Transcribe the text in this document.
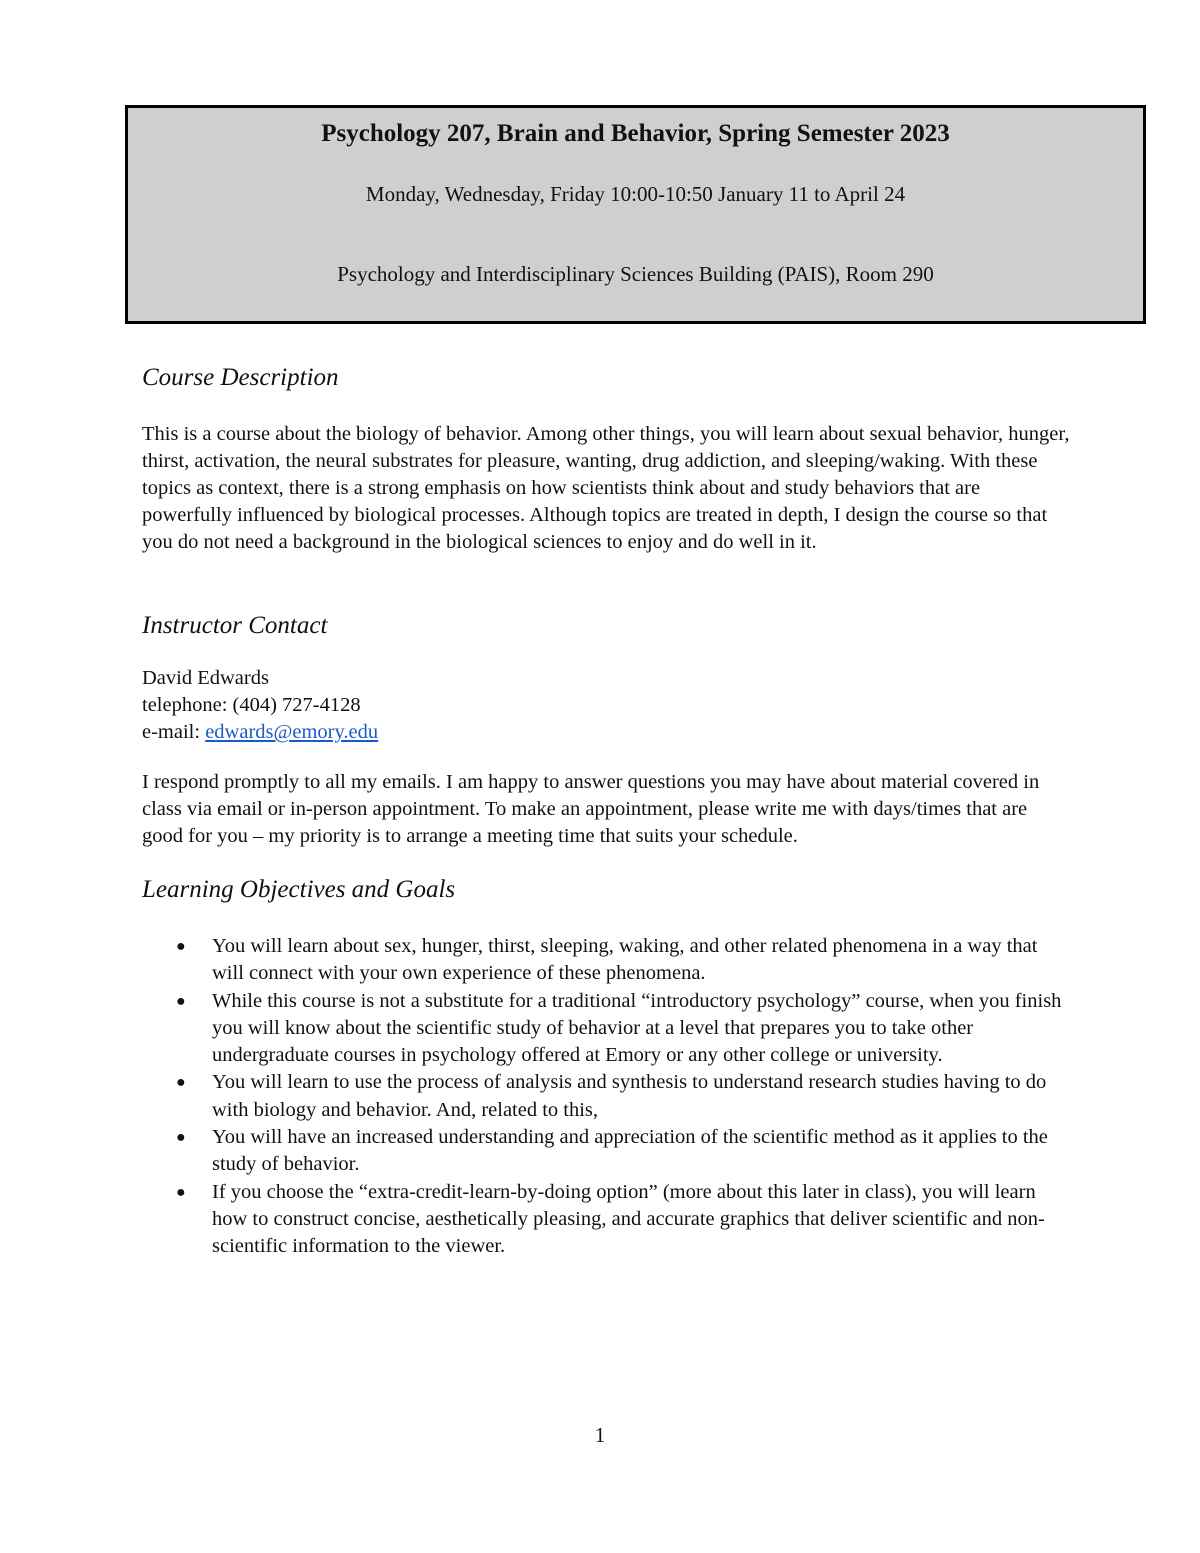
Psychology 207, Brain and Behavior, Spring Semester 2023

Monday, Wednesday, Friday 10:00-10:50 January 11 to April 24

Psychology and Interdisciplinary Sciences Building (PAIS), Room 290

Course Description

This is a course about the biology of behavior. Among other things, you will learn about sexual behavior, hunger, thirst, activation, the neural substrates for pleasure, wanting, drug addiction, and sleeping/waking. With these topics as context, there is a strong emphasis on how scientists think about and study behaviors that are powerfully influenced by biological processes. Although topics are treated in depth, I design the course so that you do not need a background in the biological sciences to enjoy and do well in it.

Instructor Contact

David Edwards

telephone: (404) 727-4128

e-mail: edwards@emory.edu

I respond promptly to all my emails. I am happy to answer questions you may have about material covered in class via email or in-person appointment. To make an appointment, please write me with days/times that are good for you – my priority is to arrange a meeting time that suits your schedule.

Learning Objectives and Goals
● You will learn about sex, hunger, thirst, sleeping, waking, and other related phenomena in a way that will connect with your own experience of these phenomena.
● While this course is not a substitute for a traditional “introductory psychology” course, when you finish you will know about the scientific study of behavior at a level that prepares you to take other undergraduate courses in psychology offered at Emory or any other college or university.
● You will learn to use the process of analysis and synthesis to understand research studies having to do with biology and behavior. And, related to this,
● You will have an increased understanding and appreciation of the scientific method as it applies to the study of behavior.
● If you choose the “extra-credit-learn-by-doing option” (more about this later in class), you will learn how to construct concise, aesthetically pleasing, and accurate graphics that deliver scientific and non-scientific information to the viewer.

1
